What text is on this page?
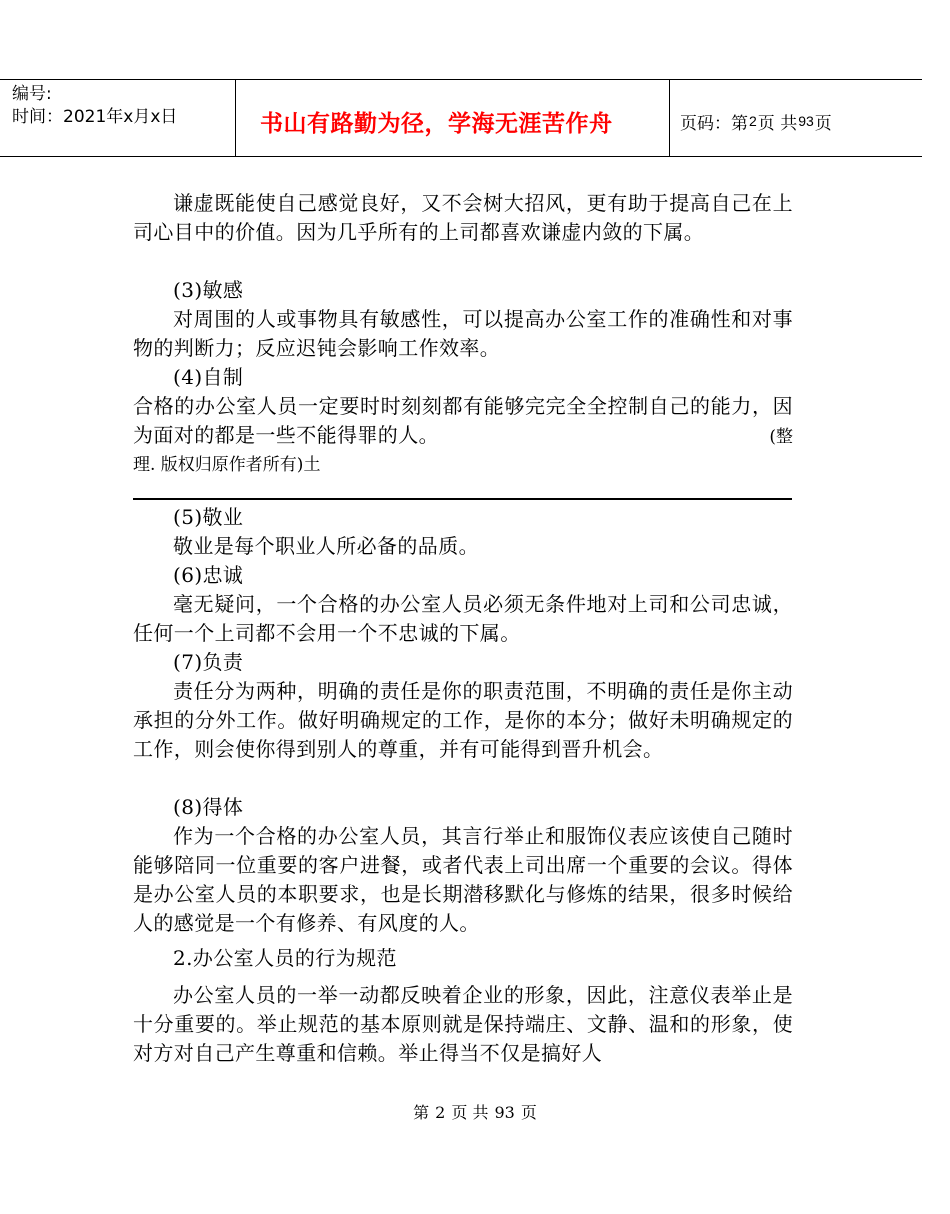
编号:
时间：2021年x月x日	书山有路勤为径，学海无涯苦作舟	页码：第 2 页 共 93 页

谦虚既能使自己感觉良好，又不会树大招风，更有助于提高自己在上司心目中的价值。因为几乎所有的上司都喜欢谦虚内敛的下属。

(3)敏感

对周围的人或事物具有敏感性，可以提高办公室工作的准确性和对事物的判断力；反应迟钝会影响工作效率。

(4)自制

合格的办公室人员一定要时时刻刻都有能够完完全全控制自己的能力，因为面对的都是一些不能得罪的人。	(整
理. 版权归原作者所有)土

(5)敬业

敬业是每个职业人所必备的品质。

(6)忠诚

毫无疑问，一个合格的办公室人员必须无条件地对上司和公司忠诚，任何一个上司都不会用一个不忠诚的下属。

(7)负责

责任分为两种，明确的责任是你的职责范围，不明确的责任是你主动承担的分外工作。做好明确规定的工作，是你的本分；做好未明确规定的工作，则会使你得到别人的尊重，并有可能得到晋升机会。

(8)得体

作为一个合格的办公室人员，其言行举止和服饰仪表应该使自己随时能够陪同一位重要的客户进餐，或者代表上司出席一个重要的会议。得体是办公室人员的本职要求，也是长期潜移默化与修炼的结果，很多时候给人的感觉是一个有修养、有风度的人。

2.办公室人员的行为规范

办公室人员的一举一动都反映着企业的形象，因此，注意仪表举止是十分重要的。举止规范的基本原则就是保持端庄、文静、温和的形象，使对方对自己产生尊重和信赖。举止得当不仅是搞好人

第 2 页 共 93 页
